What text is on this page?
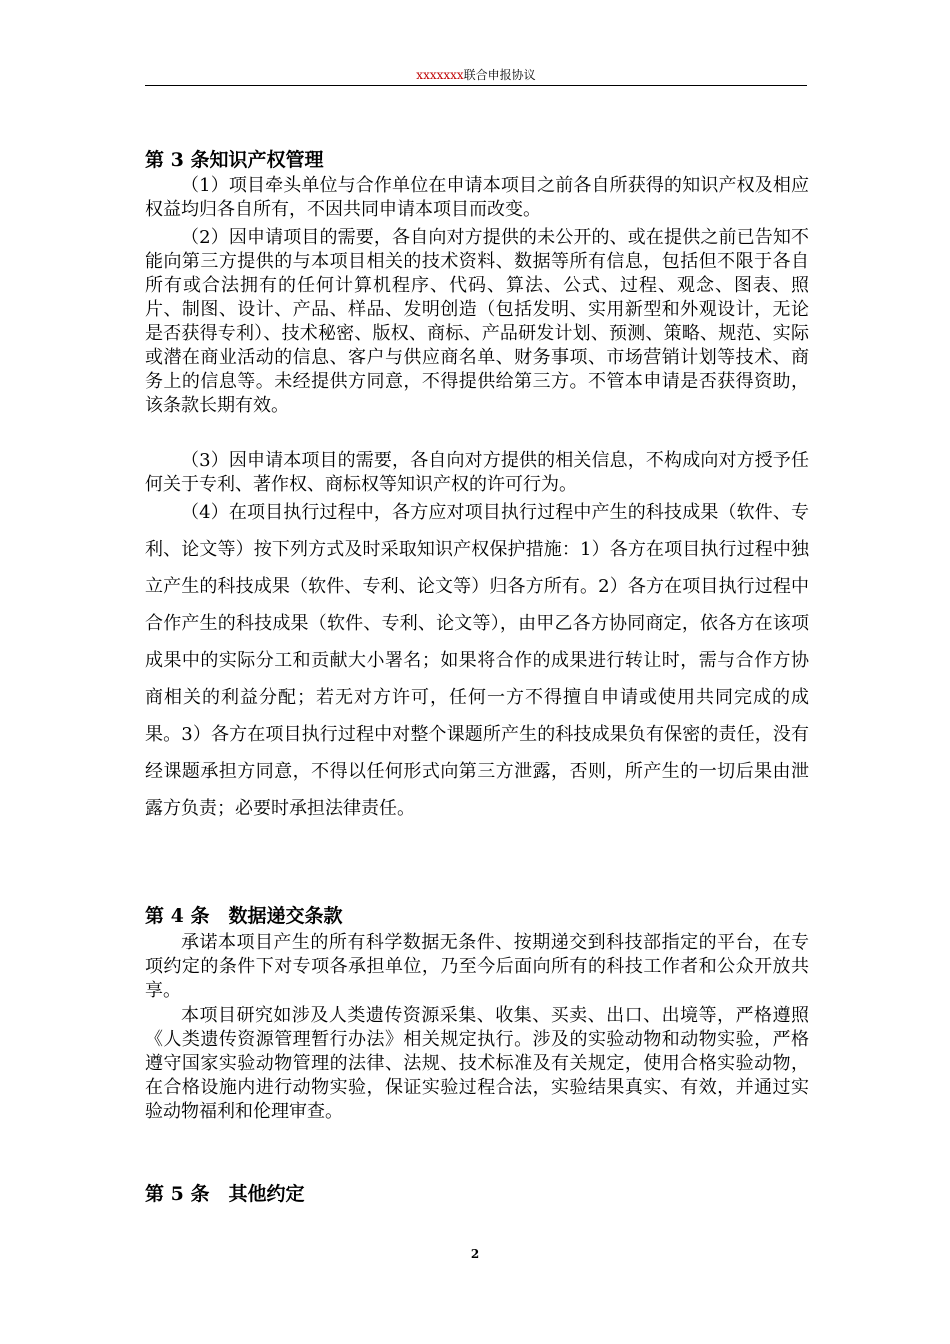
xxxxxxx联合申报协议
第 3 条知识产权管理

（1）项目牵头单位与合作单位在申请本项目之前各自所获得的知识产权及相应权益均归各自所有，不因共同申请本项目而改变。

（2）因申请项目的需要，各自向对方提供的未公开的、或在提供之前已告知不能向第三方提供的与本项目相关的技术资料、数据等所有信息，包括但不限于各自所有或合法拥有的任何计算机程序、代码、算法、公式、过程、观念、图表、照片、制图、设计、产品、样品、发明创造（包括发明、实用新型和外观设计，无论是否获得专利）、技术秘密、版权、商标、产品研发计划、预测、策略、规范、实际或潜在商业活动的信息、客户与供应商名单、财务事项、市场营销计划等技术、商务上的信息等。未经提供方同意，不得提供给第三方。不管本申请是否获得资助，该条款长期有效。

（3）因申请本项目的需要，各自向对方提供的相关信息，不构成向对方授予任何关于专利、著作权、商标权等知识产权的许可行为。

（4）在项目执行过程中，各方应对项目执行过程中产生的科技成果（软件、专利、论文等）按下列方式及时采取知识产权保护措施：1）各方在项目执行过程中独立产生的科技成果（软件、专利、论文等）归各方所有。2）各方在项目执行过程中合作产生的科技成果（软件、专利、论文等），由甲乙各方协同商定，依各方在该项成果中的实际分工和贡献大小署名；如果将合作的成果进行转让时，需与合作方协商相关的利益分配；若无对方许可，任何一方不得擅自申请或使用共同完成的成果。3）各方在项目执行过程中对整个课题所产生的科技成果负有保密的责任，没有经课题承担方同意，不得以任何形式向第三方泄露，否则，所产生的一切后果由泄露方负责；必要时承担法律责任。

第 4 条　数据递交条款

承诺本项目产生的所有科学数据无条件、按期递交到科技部指定的平台，在专项约定的条件下对专项各承担单位，乃至今后面向所有的科技工作者和公众开放共享。

本项目研究如涉及人类遗传资源采集、收集、买卖、出口、出境等，严格遵照《人类遗传资源管理暂行办法》相关规定执行。涉及的实验动物和动物实验，严格遵守国家实验动物管理的法律、法规、技术标准及有关规定，使用合格实验动物，在合格设施内进行动物实验，保证实验过程合法，实验结果真实、有效，并通过实验动物福利和伦理审查。

第 5 条　其他约定
2
